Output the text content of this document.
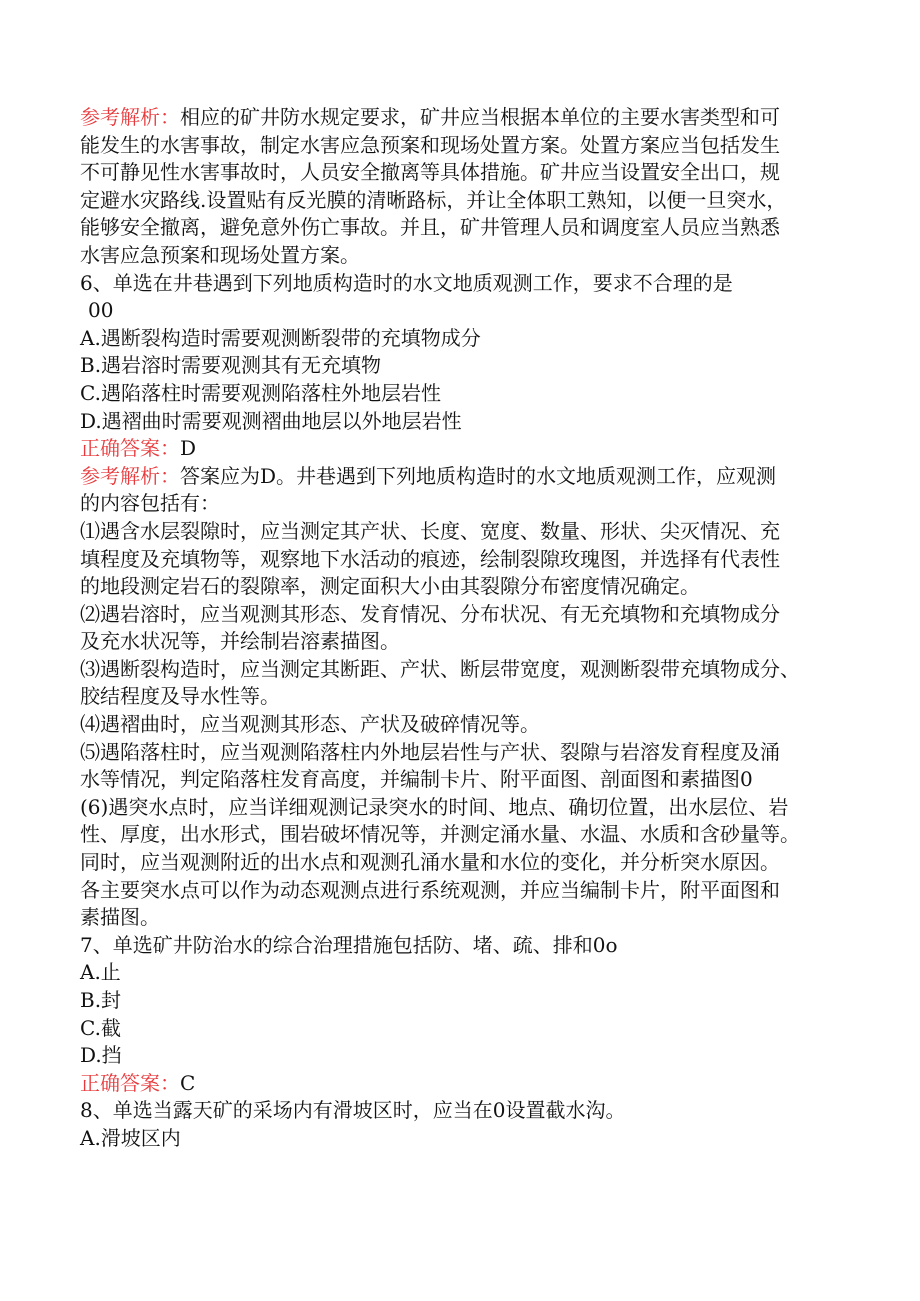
参考解析：相应的矿井防水规定要求，矿井应当根据本单位的主要水害类型和可
能发生的水害事故，制定水害应急预案和现场处置方案。处置方案应当包括发生
不可静见性水害事故时，人员安全撤离等具体措施。矿井应当设置安全出口，规
定避水灾路线.设置贴有反光膜的清晰路标，并让全体职工熟知，以便一旦突水，
能够安全撤离，避免意外伤亡事故。并且，矿井管理人员和调度室人员应当熟悉
水害应急预案和现场处置方案。
6、单选在井巷遇到下列地质构造时的水文地质观测工作，要求不合理的是
00
A.遇断裂构造时需要观测断裂带的充填物成分
B.遇岩溶时需要观测其有无充填物
C.遇陷落柱时需要观测陷落柱外地层岩性
D.遇褶曲时需要观测褶曲地层以外地层岩性
正确答案：D
参考解析：答案应为D。井巷遇到下列地质构造时的水文地质观测工作，应观测
的内容包括有：
⑴遇含水层裂隙时，应当测定其产状、长度、宽度、数量、形状、尖灭情况、充
填程度及充填物等，观察地下水活动的痕迹，绘制裂隙玫瑰图，并选择有代表性
的地段测定岩石的裂隙率，测定面积大小由其裂隙分布密度情况确定。
⑵遇岩溶时，应当观测其形态、发育情况、分布状况、有无充填物和充填物成分
及充水状况等，并绘制岩溶素描图。
⑶遇断裂构造时，应当测定其断距、产状、断层带宽度，观测断裂带充填物成分、
胶结程度及导水性等。
⑷遇褶曲时，应当观测其形态、产状及破碎情况等。
⑸遇陷落柱时，应当观测陷落柱内外地层岩性与产状、裂隙与岩溶发育程度及涌
水等情况，判定陷落柱发育高度，并编制卡片、附平面图、剖面图和素描图0
(6)遇突水点时，应当详细观测记录突水的时间、地点、确切位置，出水层位、岩
性、厚度，出水形式，围岩破坏情况等，并测定涌水量、水温、水质和含砂量等。
同时，应当观测附近的出水点和观测孔涌水量和水位的变化，并分析突水原因。
各主要突水点可以作为动态观测点进行系统观测，并应当编制卡片，附平面图和
素描图。
7、单选矿井防治水的综合治理措施包括防、堵、疏、排和0o
A.止
B.封
C.截
D.挡
正确答案：C
8、单选当露天矿的采场内有滑坡区时，应当在0设置截水沟。
A.滑坡区内
